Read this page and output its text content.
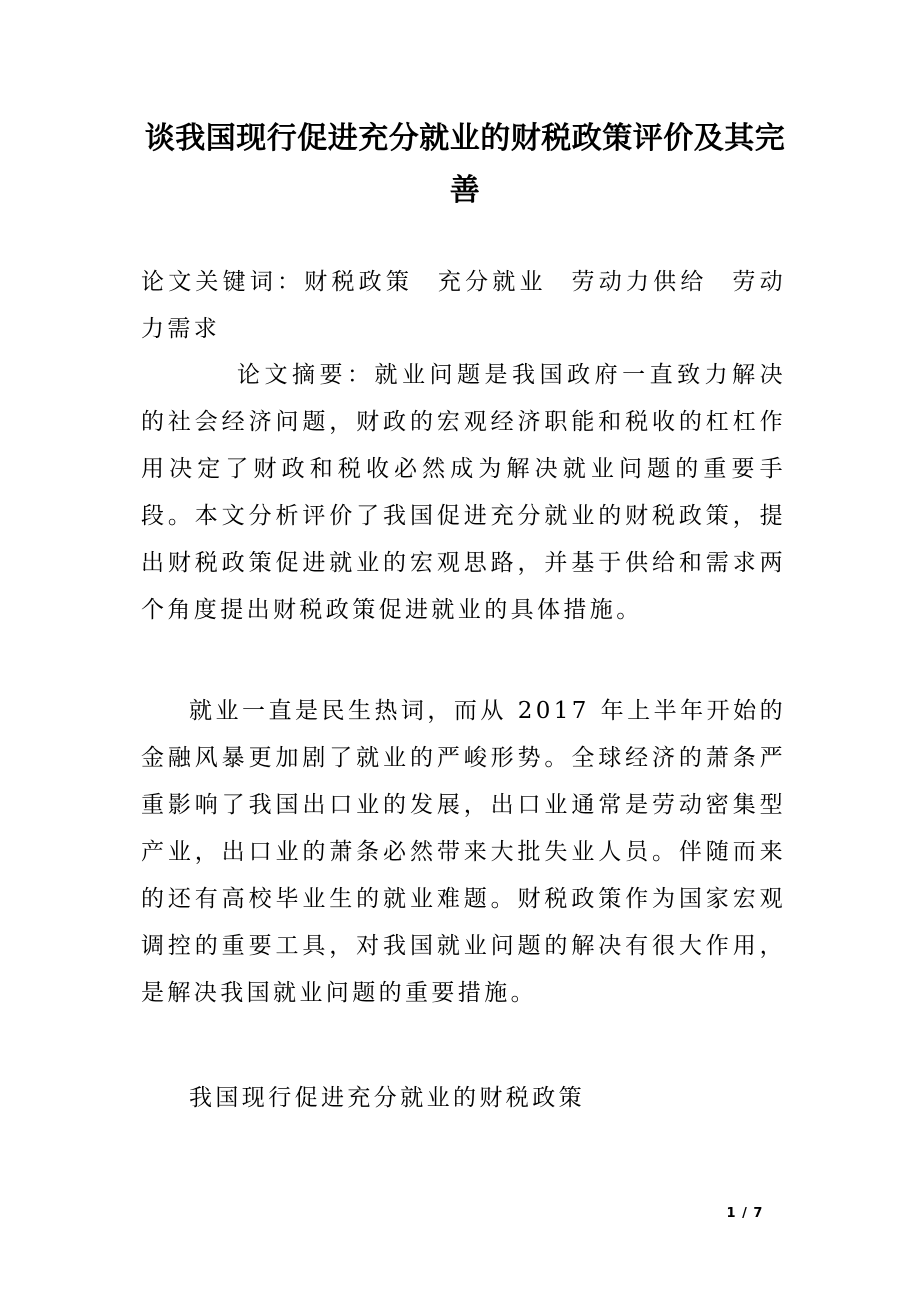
谈我国现行促进充分就业的财税政策评价及其完善

论文关键词：财税政策 充分就业 劳动力供给 劳动力需求

论文摘要：就业问题是我国政府一直致力解决的社会经济问题，财政的宏观经济职能和税收的杠杠作用决定了财政和税收必然成为解决就业问题的重要手段。本文分析评价了我国促进充分就业的财税政策，提出财税政策促进就业的宏观思路，并基于供给和需求两个角度提出财税政策促进就业的具体措施。

就业一直是民生热词，而从 2017 年上半年开始的金融风暴更加剧了就业的严峻形势。全球经济的萧条严重影响了我国出口业的发展，出口业通常是劳动密集型产业，出口业的萧条必然带来大批失业人员。伴随而来的还有高校毕业生的就业难题。财税政策作为国家宏观调控的重要工具，对我国就业问题的解决有很大作用，是解决我国就业问题的重要措施。

我国现行促进充分就业的财税政策

1 / 7
